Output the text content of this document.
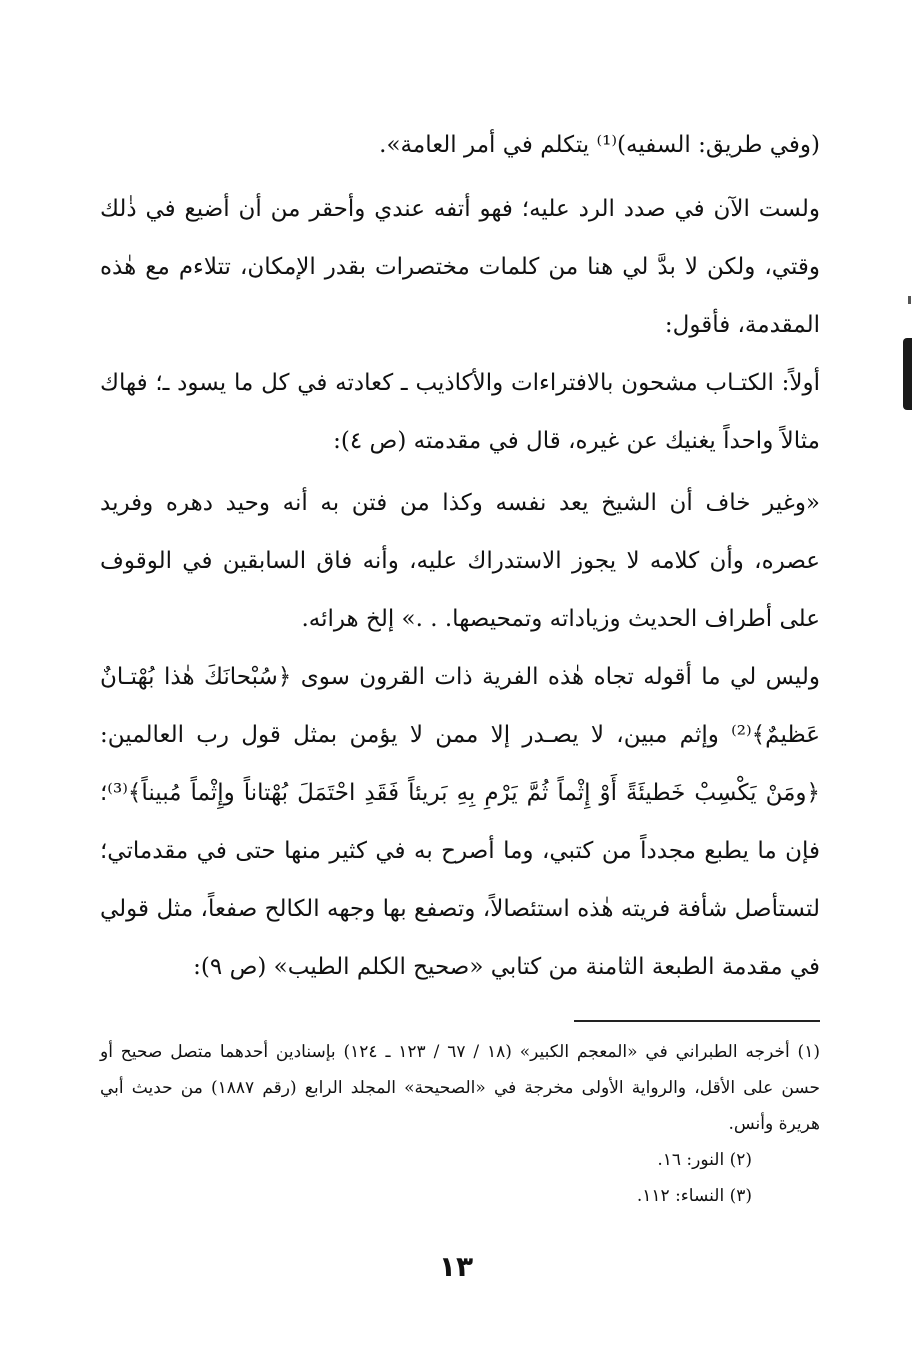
(وفي طريق: السفيه)⁽¹⁾ يتكلم في أمر العامة».

ولست الآن في صدد الرد عليه؛ فهو أتفه عندي وأحقر من أن أضيع في ذٰلك وقتي، ولكن لا بدَّ لي هنا من كلمات مختصرات بقدر الإمكان، تتلاءم مع هٰذه المقدمة، فأقول:

أولاً: الكتـاب مشحون بالافتراءات والأكاذيب ـ كعادته في كل ما يسود ـ؛ فهاك مثالاً واحداً يغنيك عن غيره، قال في مقدمته (ص ٤):

«وغير خاف أن الشيخ يعد نفسه وكذا من فتن به أنه وحيد دهره وفريد عصره، وأن كلامه لا يجوز الاستدراك عليه، وأنه فاق السابقين في الوقوف على أطراف الحديث وزياداته وتمحيصها. . .» إلخ هرائه.

وليس لي ما أقوله تجاه هٰذه الفرية ذات القرون سوى ﴿سُبْحانَكَ هٰذا بُهْتـانٌ عَظيمٌ﴾⁽²⁾ وإثم مبين، لا يصـدر إلا ممن لا يؤمن بمثل قول رب العالمين: ﴿ومَنْ يَكْسِبْ خَطيئَةً أَوْ إِثْماً ثُمَّ يَرْمِ بِهِ بَريئاً فَقَدِ احْتَمَلَ بُهْتاناً وإِثْماً مُبيناً﴾⁽³⁾؛ فإن ما يطبع مجدداً من كتبي، وما أصرح به في كثير منها حتى في مقدماتي؛ لتستأصل شأفة فريته هٰذه استئصالاً، وتصفع بها وجهه الكالح صفعاً، مثل قولي في مقدمة الطبعة الثامنة من كتابي «صحيح الكلم الطيب» (ص ٩):

(١) أخرجه الطبراني في «المعجم الكبير» (١٨ / ٦٧ / ١٢٣ ـ ١٢٤) بإسنادين أحدهما متصل صحيح أو حسن على الأقل، والرواية الأولى مخرجة في «الصحيحة» المجلد الرابع (رقم ١٨٨٧) من حديث أبي هريرة وأنس.

(٢) النور: ١٦.

(٣) النساء: ١١٢.

١٣
